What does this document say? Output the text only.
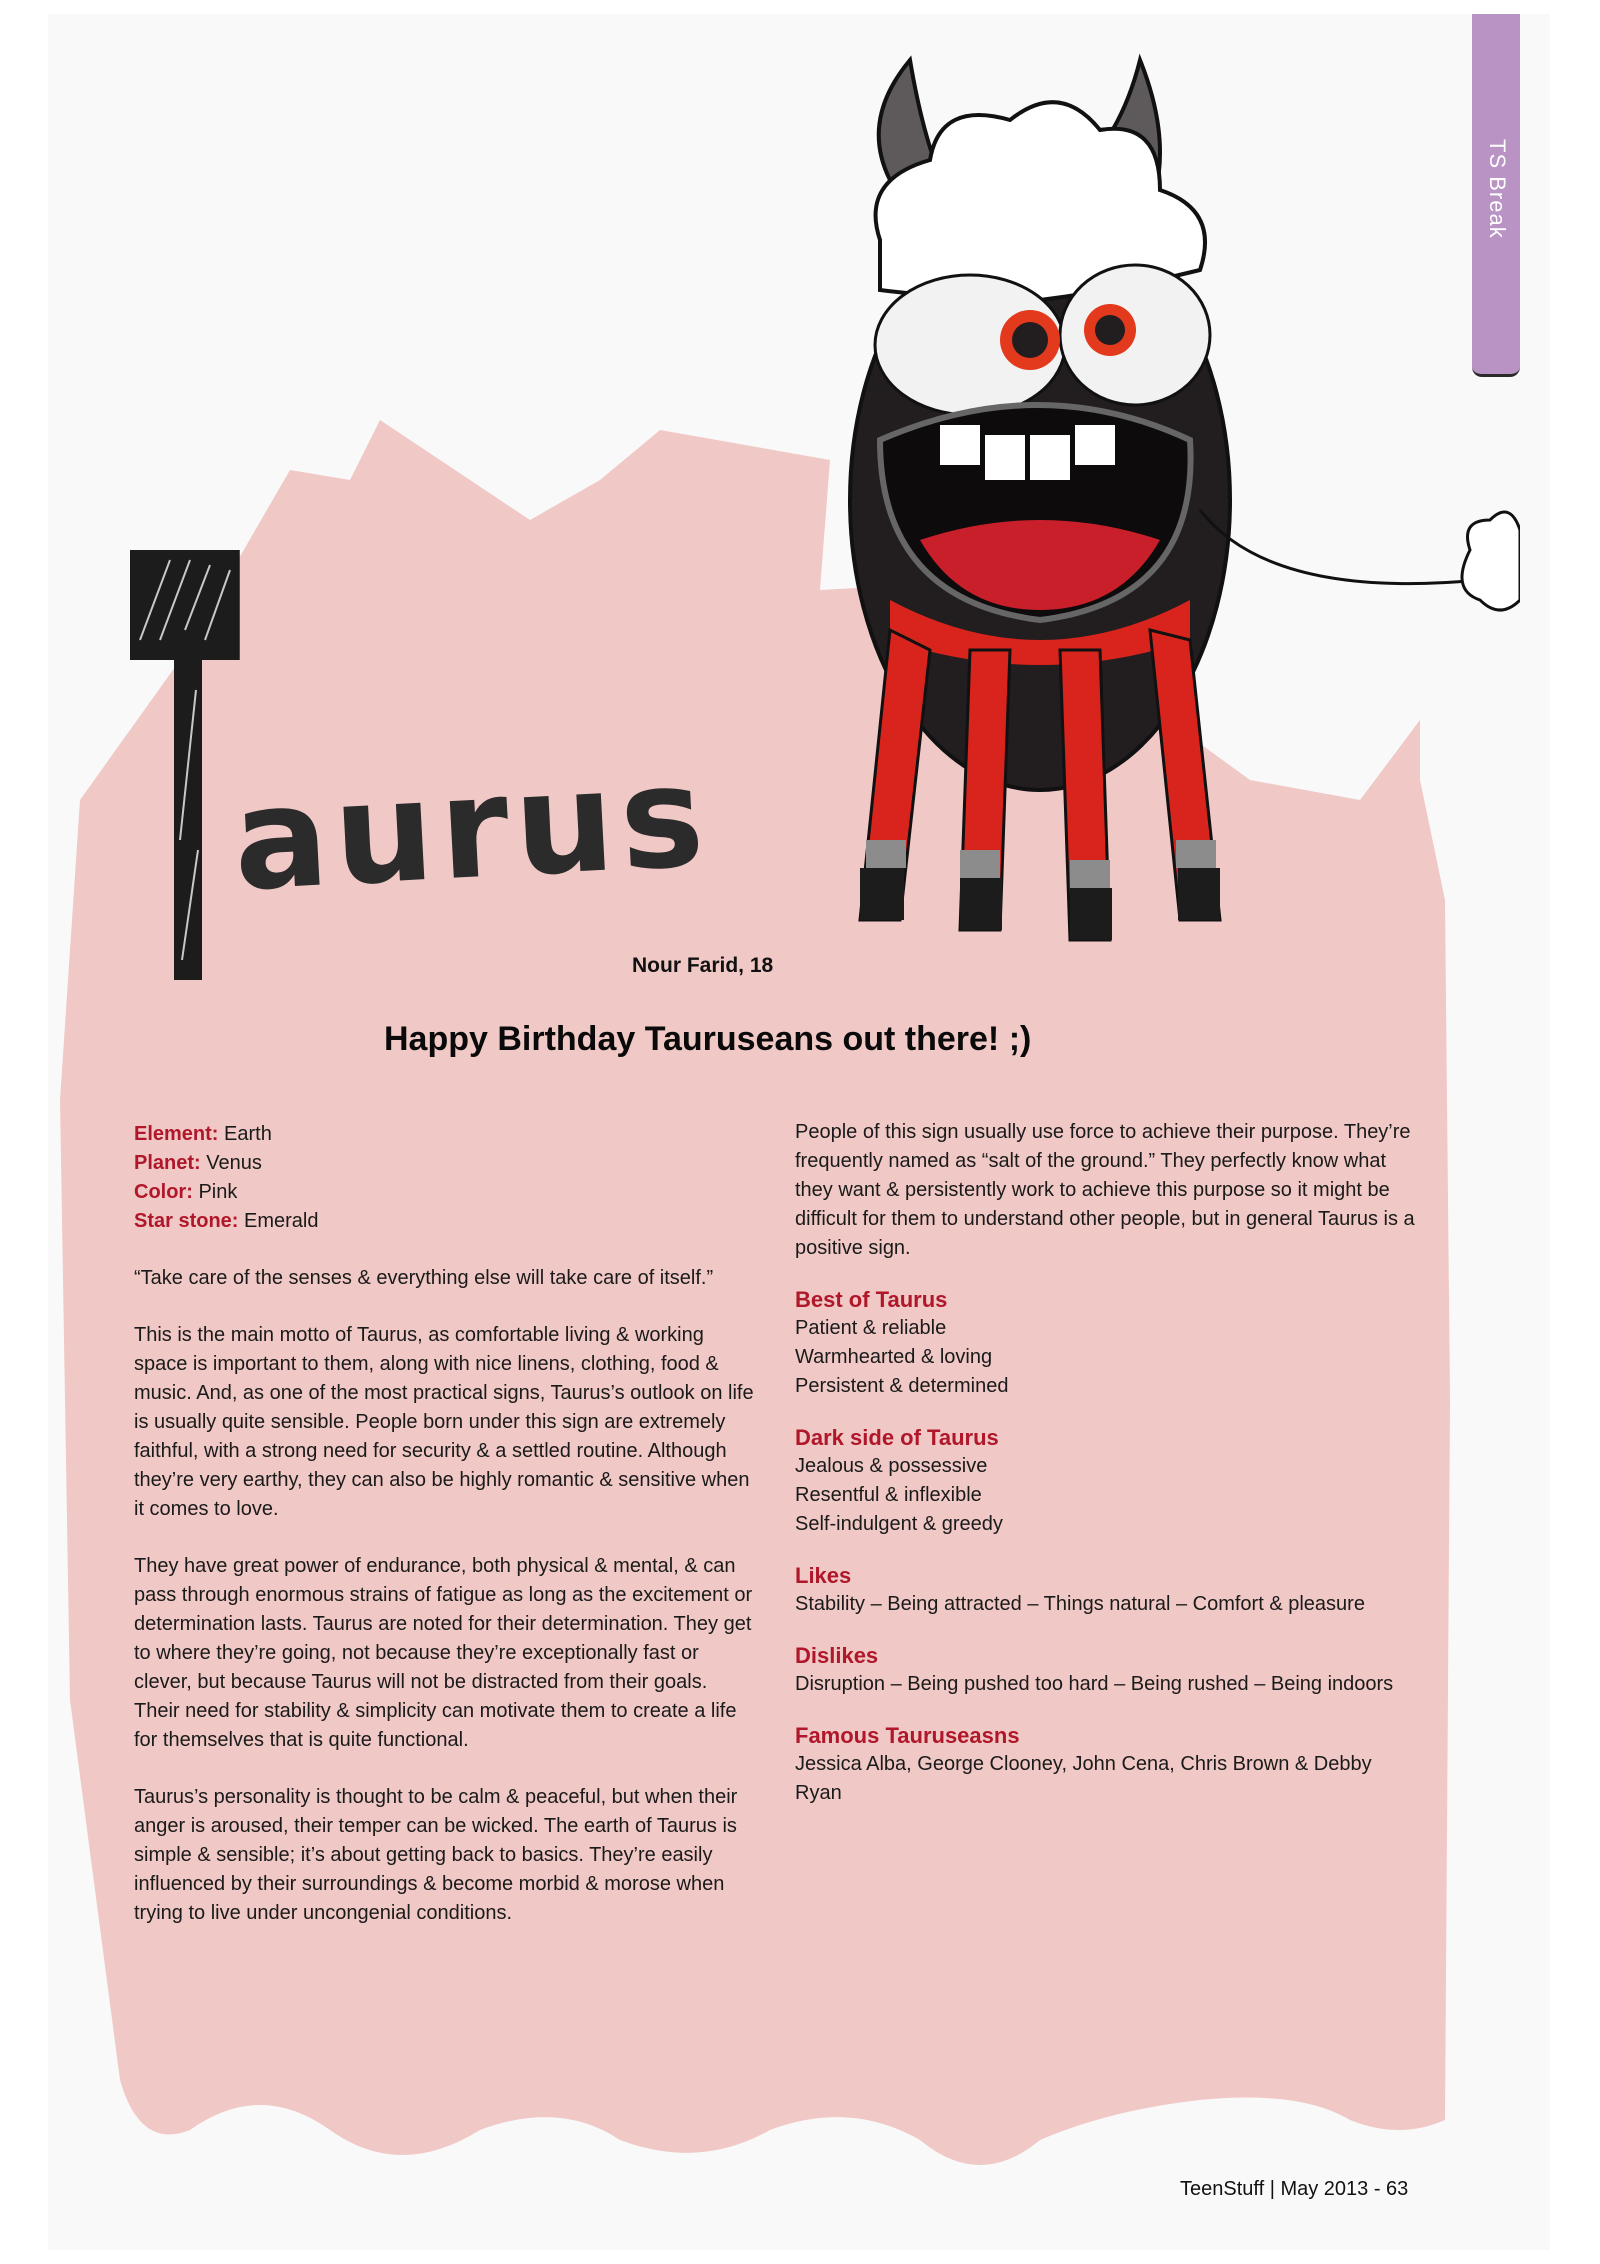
TS Break
aurus
Nour Farid, 18
Happy Birthday Tauruseans out there! ;)

Element: Earth

Planet: Venus

Color: Pink

Star stone: Emerald

“Take care of the senses & everything else will take care of itself.”

This is the main motto of Taurus, as comfortable living & working space is important to them, along with nice linens, clothing, food & music. And, as one of the most practical signs, Taurus’s outlook on life is usually quite sensible. People born under this sign are extremely faithful, with a strong need for security & a settled routine. Although they’re very earthy, they can also be highly romantic & sensitive when it comes to love.

They have great power of endurance, both physical & mental, & can pass through enormous strains of fatigue as long as the excitement or determination lasts. Taurus are noted for their determination. They get to where they’re going, not because they’re exceptionally fast or clever, but because Taurus will not be distracted from their goals. Their need for stability & simplicity can motivate them to create a life for themselves that is quite functional.

Taurus’s personality is thought to be calm & peaceful, but when their anger is aroused, their temper can be wicked. The earth of Taurus is simple & sensible; it’s about getting back to basics. They’re easily influenced by their surroundings & become morbid & morose when trying to live under uncongenial conditions.

People of this sign usually use force to achieve their purpose. They’re frequently named as “salt of the ground.” They perfectly know what they want & persistently work to achieve this purpose so it might be difficult for them to understand other people, but in general Taurus is a positive sign.

Best of Taurus

Patient & reliable

Warmhearted & loving

Persistent & determined

Dark side of Taurus

Jealous & possessive

Resentful & inflexible

Self-indulgent & greedy

Likes

Stability – Being attracted – Things natural – Comfort & pleasure

Dislikes

Disruption – Being pushed too hard – Being rushed – Being indoors

Famous Tauruseasns

Jessica Alba, George Clooney, John Cena, Chris Brown & Debby Ryan

TeenStuff | May 2013 - 63
